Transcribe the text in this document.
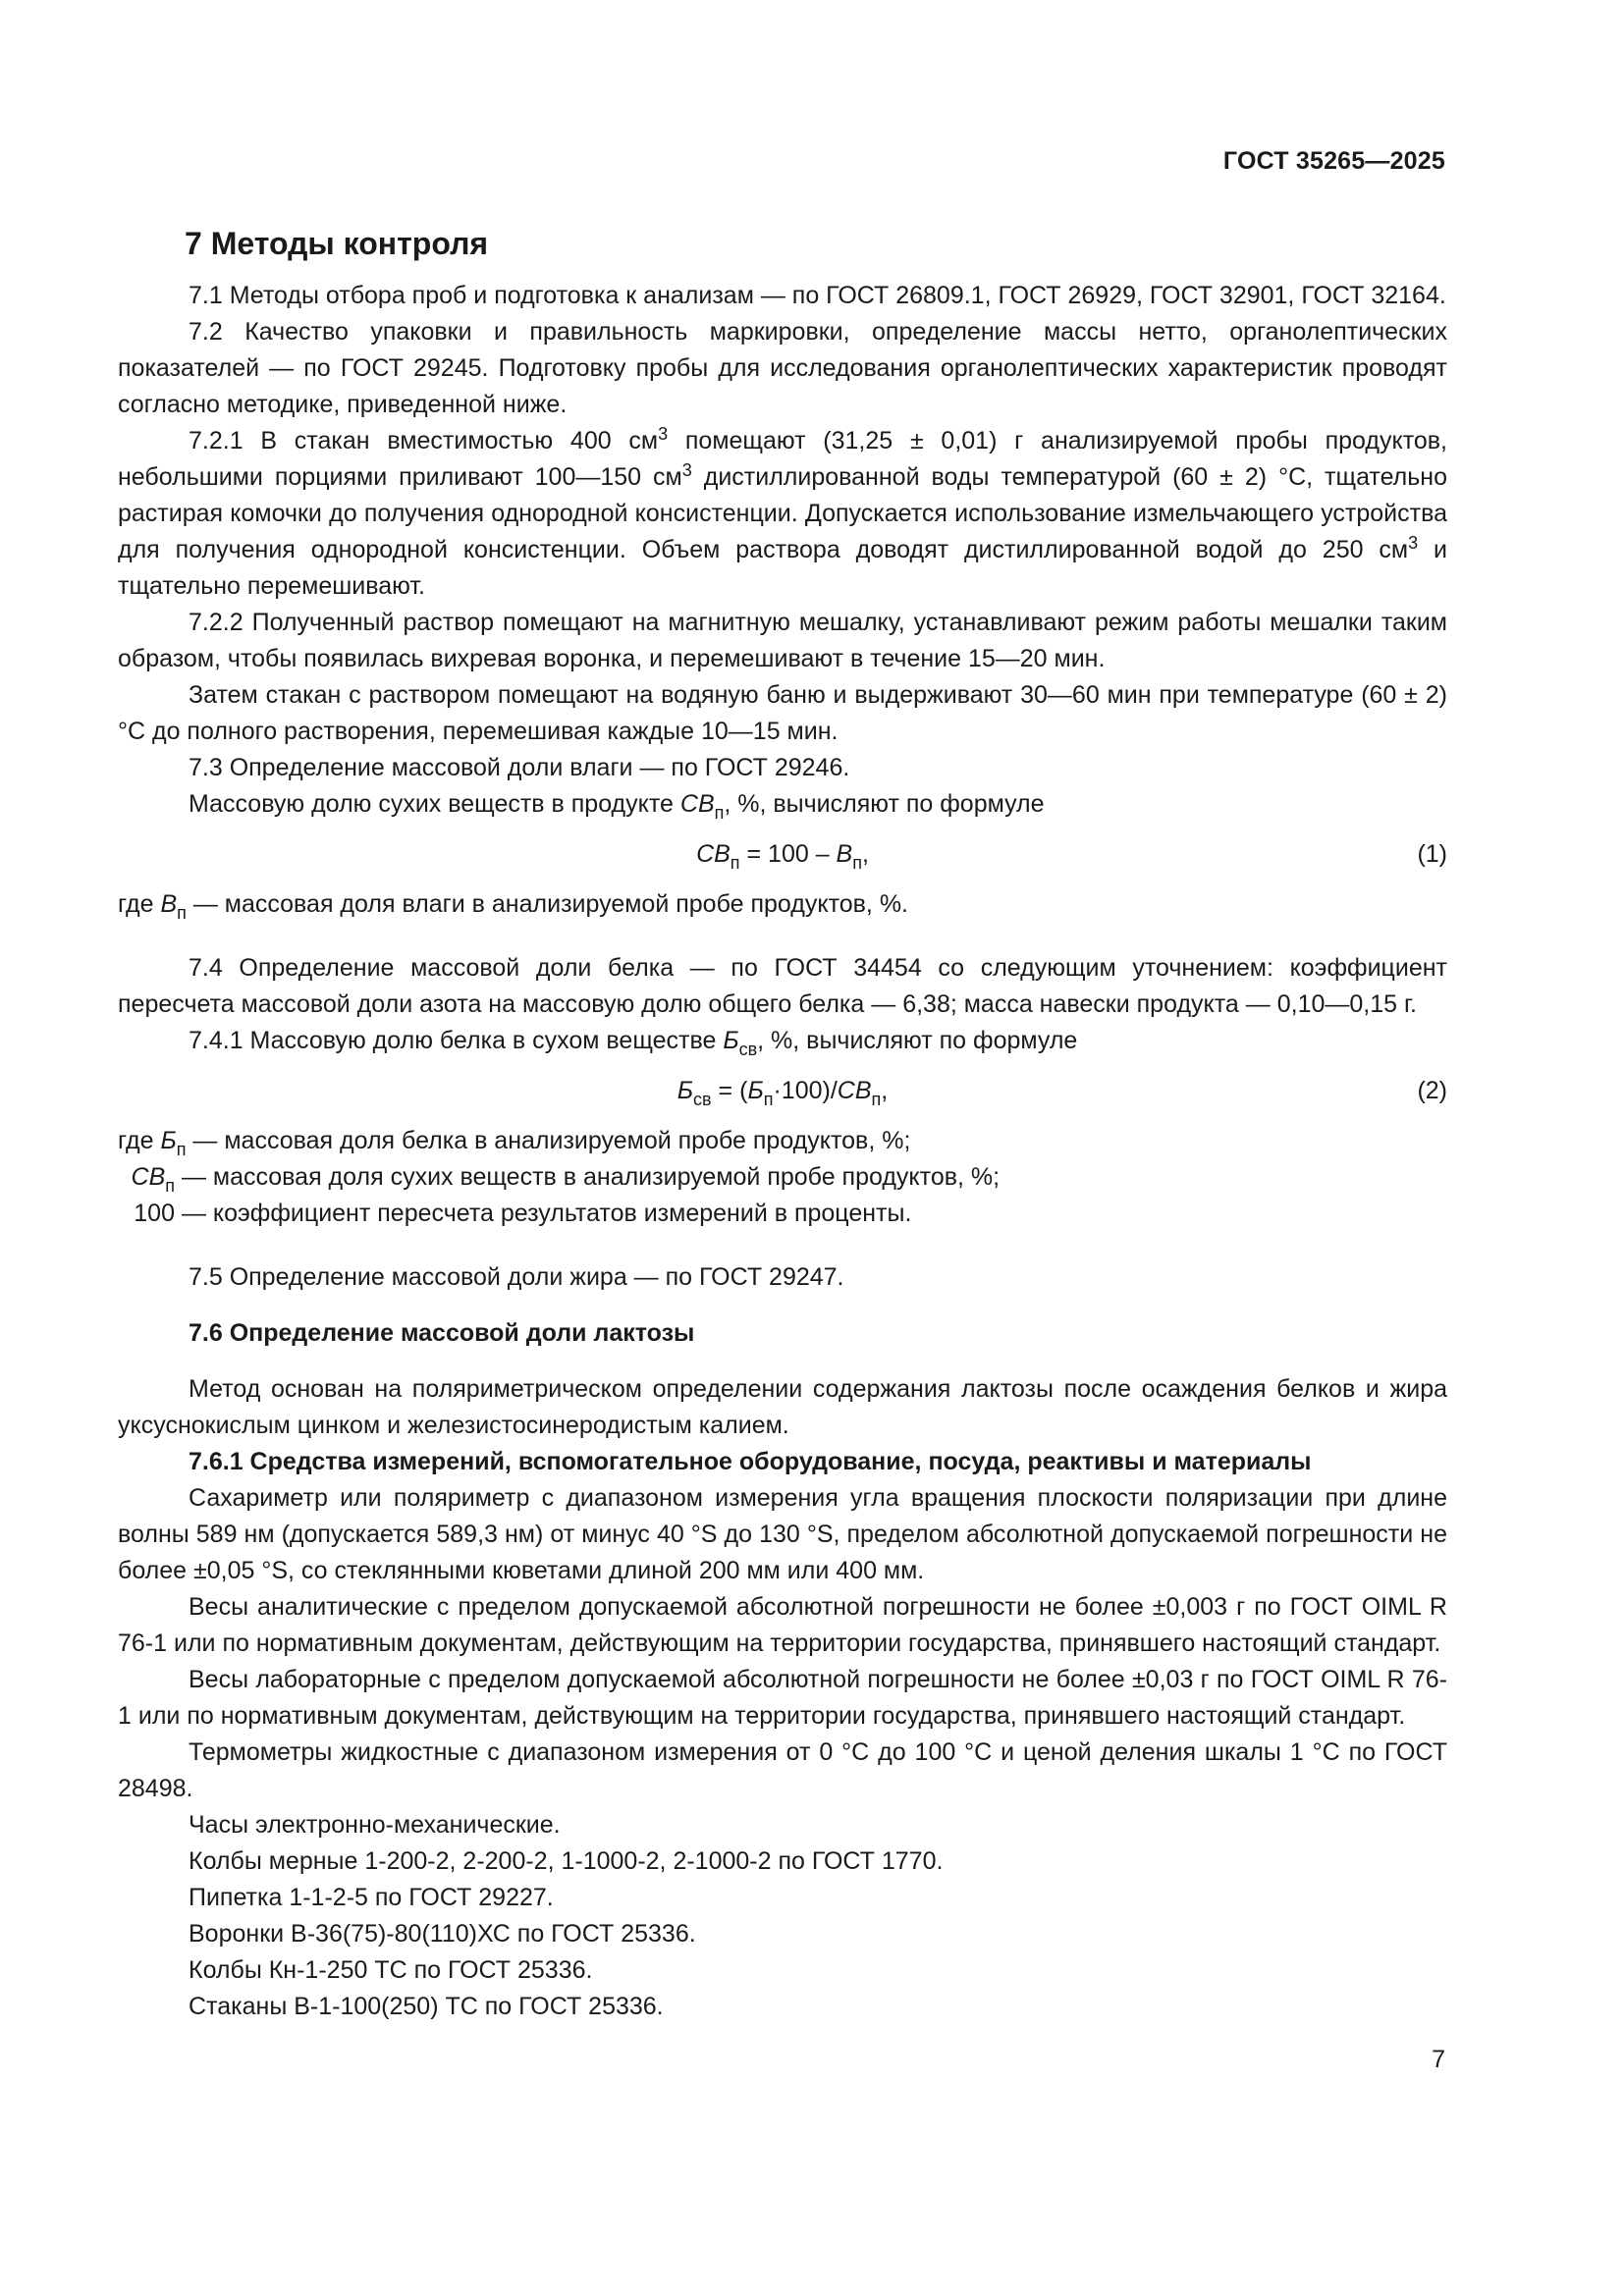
ГОСТ 35265—2025
7 Методы контроля

7.1 Методы отбора проб и подготовка к анализам — по ГОСТ 26809.1, ГОСТ 26929, ГОСТ 32901, ГОСТ 32164.

7.2 Качество упаковки и правильность маркировки, определение массы нетто, органолептических показателей — по ГОСТ 29245. Подготовку пробы для исследования органолептических характеристик проводят согласно методике, приведенной ниже.

7.2.1 В стакан вместимостью 400 $см^3$ помещают (31,25 ± 0,01) г анализируемой пробы продуктов, небольшими порциями приливают 100—150 $см^3$ дистиллированной воды температурой (60 ± 2) °С, тщательно растирая комочки до получения однородной консистенции. Допускается использование измельчающего устройства для получения однородной консистенции. Объем раствора доводят дистиллированной водой до 250 $см^3$ и тщательно перемешивают.

7.2.2 Полученный раствор помещают на магнитную мешалку, устанавливают режим работы мешалки таким образом, чтобы появилась вихревая воронка, и перемешивают в течение 15—20 мин.

Затем стакан с раствором помещают на водяную баню и выдерживают 30—60 мин при температуре (60 ± 2) °С до полного растворения, перемешивая каждые 10—15 мин.

7.3 Определение массовой доли влаги — по ГОСТ 29246.

Массовую долю сухих веществ в продукте $СВ_п$, %, вычисляют по формуле

$СВ_п = 100 - В_п$,	(1)

где $В_п$ — массовая доля влаги в анализируемой пробе продуктов, %.

7.4 Определение массовой доли белка — по ГОСТ 34454 со следующим уточнением: коэффициент пересчета массовой доли азота на массовую долю общего белка — 6,38; масса навески продукта — 0,10—0,15 г.

7.4.1 Массовую долю белка в сухом веществе $Б_{св}$, %, вычисляют по формуле

$Б_{св} = (Б_п\cdot 100)/СВ_п$,	(2)

где $Б_п$ — массовая доля белка в анализируемой пробе продуктов, %;

$СВ_п$ — массовая доля сухих веществ в анализируемой пробе продуктов, %;

100 — коэффициент пересчета результатов измерений в проценты.

7.5 Определение массовой доли жира — по ГОСТ 29247.

7.6 Определение массовой доли лактозы

Метод основан на поляриметрическом определении содержания лактозы после осаждения белков и жира уксуснокислым цинком и железистосинеродистым калием.

7.6.1 Средства измерений, вспомогательное оборудование, посуда, реактивы и материалы

Сахариметр или поляриметр с диапазоном измерения угла вращения плоскости поляризации при длине волны 589 нм (допускается 589,3 нм) от минус 40 °S до 130 °S, пределом абсолютной допускаемой погрешности не более ±0,05 °S, со стеклянными кюветами длиной 200 мм или 400 мм.

Весы аналитические с пределом допускаемой абсолютной погрешности не более ±0,003 г по ГОСТ OIML R 76-1 или по нормативным документам, действующим на территории государства, принявшего настоящий стандарт.

Весы лабораторные с пределом допускаемой абсолютной погрешности не более ±0,03 г по ГОСТ OIML R 76-1 или по нормативным документам, действующим на территории государства, принявшего настоящий стандарт.

Термометры жидкостные с диапазоном измерения от 0 °С до 100 °С и ценой деления шкалы 1 °С по ГОСТ 28498.

Часы электронно-механические.

Колбы мерные 1-200-2, 2-200-2, 1-1000-2, 2-1000-2 по ГОСТ 1770.

Пипетка 1-1-2-5 по ГОСТ 29227.

Воронки В-36(75)-80(110)ХС по ГОСТ 25336.

Колбы Кн-1-250 ТС по ГОСТ 25336.

Стаканы В-1-100(250) ТС по ГОСТ 25336.

7
